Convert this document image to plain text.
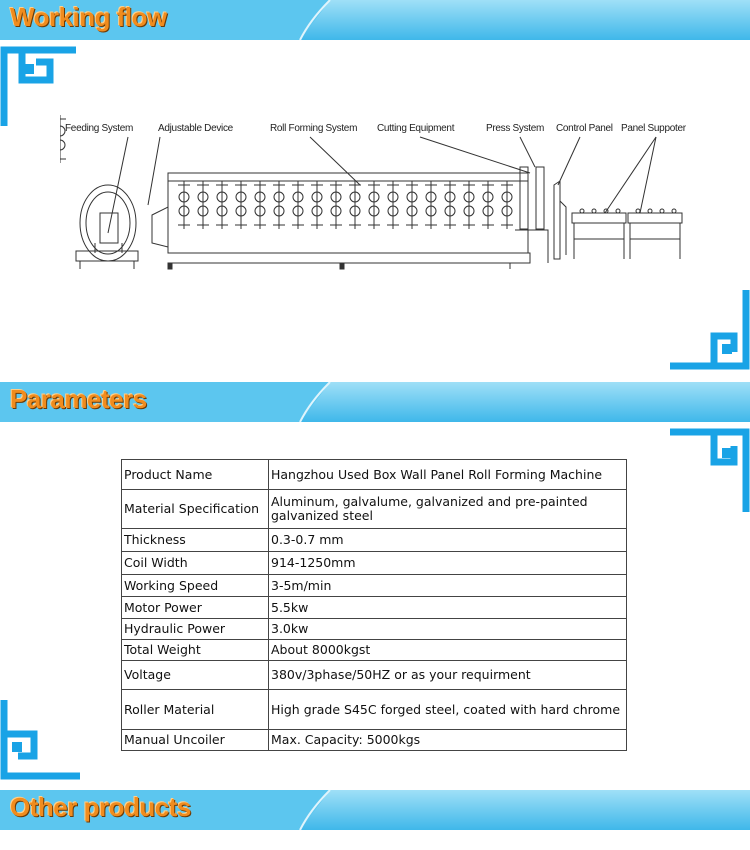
Working flow
Feeding System Adjustable Device	Roll Forming System Cutting Equipment	Press System Control Panel Panel Suppoter
Parameters
Product Name	Hangzhou Used Box Wall Panel Roll Forming Machine
Material Specification	Aluminum, galvalume, galvanized and pre-painted galvanized steel
Thickness	0.3-0.7 mm
Coil Width	914-1250mm
Working Speed	3-5m/min
Motor Power	5.5kw
Hydraulic Power	3.0kw
Total Weight	About 8000kgst
Voltage	380v/3phase/50HZ or as your requirment
Roller Material	High grade S45C forged steel, coated with hard chrome
Manual Uncoiler	Max. Capacity: 5000kgs
Other products
